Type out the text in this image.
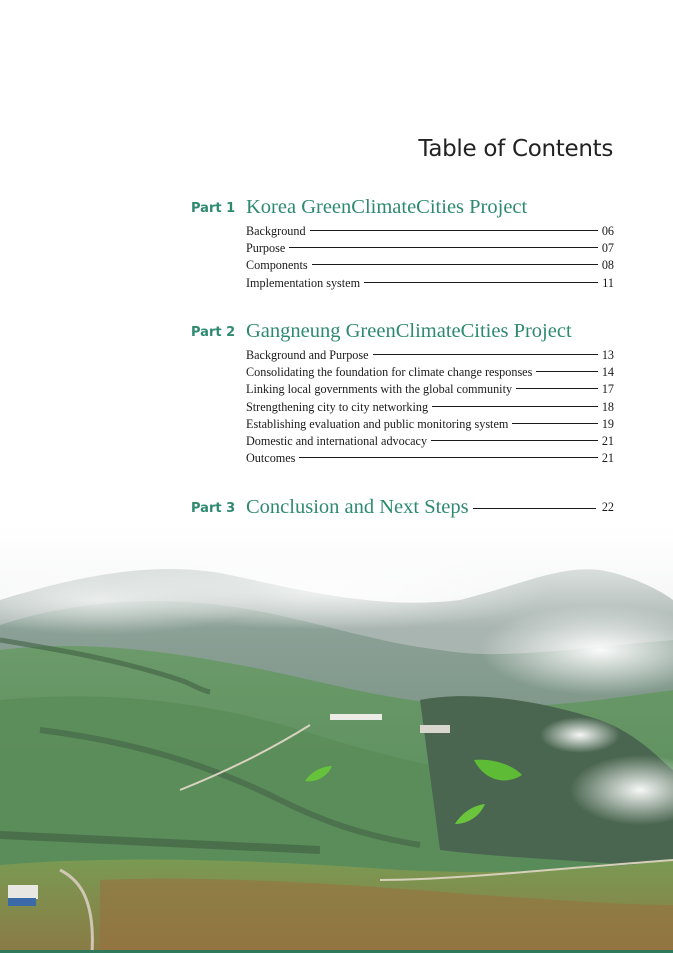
Table of Contents
Part 1 Korea GreenClimateCities Project
Background	06
Purpose	07
Components	08
Implementation system	11
Part 2 Gangneung GreenClimateCities Project
Background and Purpose	13
Consolidating the foundation for climate change responses	14
Linking local governments with the global community	17
Strengthening city to city networking	18
Establishing evaluation and public monitoring system	19
Domestic and international advocacy	21
Outcomes	21
Part 3 Conclusion and Next Steps	22
